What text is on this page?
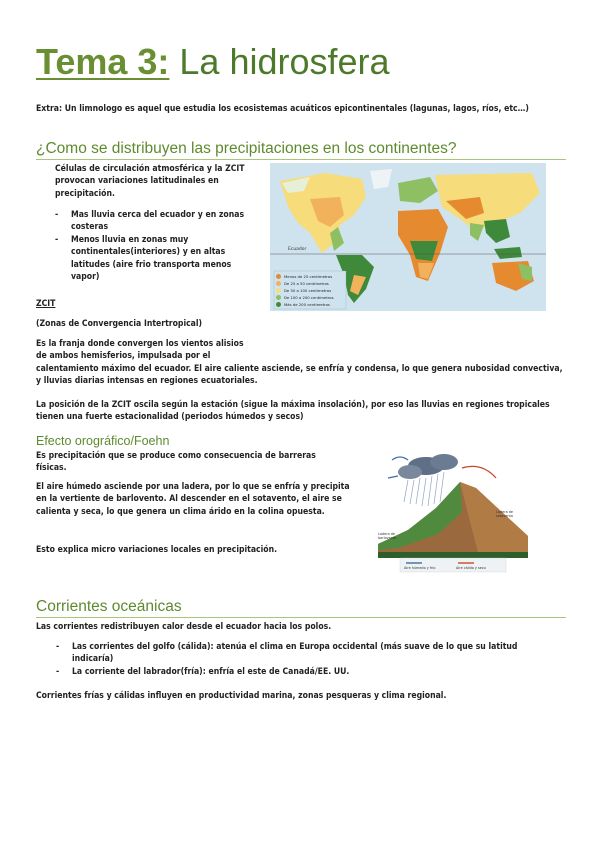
Tema 3: La hidrosfera
Extra: Un limnologo es aquel que estudia los ecosistemas acuáticos epicontinentales (lagunas, lagos, ríos, etc…)
¿Como se distribuyen las precipitaciones en los continentes?
Células de circulación atmosférica y la ZCIT provocan variaciones latitudinales en precipitación.
- Mas lluvia cerca del ecuador y en zonas costeras
- Menos lluvia en zonas muy continentales(interiores) y en altas latitudes (aire frio transporta menos vapor)
ZCIT
(Zonas de Convergencia Intertropical)
Es la franja donde convergen los vientos alisios
de ambos hemisferios, impulsada por el
calentamiento máximo del ecuador. El aire caliente asciende, se enfría y condensa, lo que genera nubosidad convectiva, y lluvias diarias intensas en regiones ecuatoriales.
La posición de la ZCIT oscila según la estación (sigue la máxima insolación), por eso las lluvias en regiones tropicales tienen una fuerte estacionalidad (periodos húmedos y secos)
Ecuador
Menos de 25 centímetros
De 25 a 50 centímetros
De 50 a 100 centímetros
De 100 a 200 centímetros
Más de 200 centímetros
Efecto orográfico/Foehn
Es precipitación que se produce como consecuencia de barreras físicas.
El aire húmedo asciende por una ladera, por lo que se enfría y precipita en la vertiente de barlovento. Al descender en el sotavento, el aire se calienta y seca, lo que genera un clima árido en la colina opuesta.
Esto explica micro variaciones locales en precipitación.
Ladera de barlovento
Ladera de sotavento
Aire húmedo y frío	Aire cálido y seco
Corrientes oceánicas
Las corrientes redistribuyen calor desde el ecuador hacia los polos.
- Las corrientes del golfo (cálida): atenúa el clima en Europa occidental (más suave de lo que su latitud indicaría)
- La corriente del labrador(fría): enfría el este de Canadá/EE. UU.
Corrientes frías y cálidas influyen en productividad marina, zonas pesqueras y clima regional.
